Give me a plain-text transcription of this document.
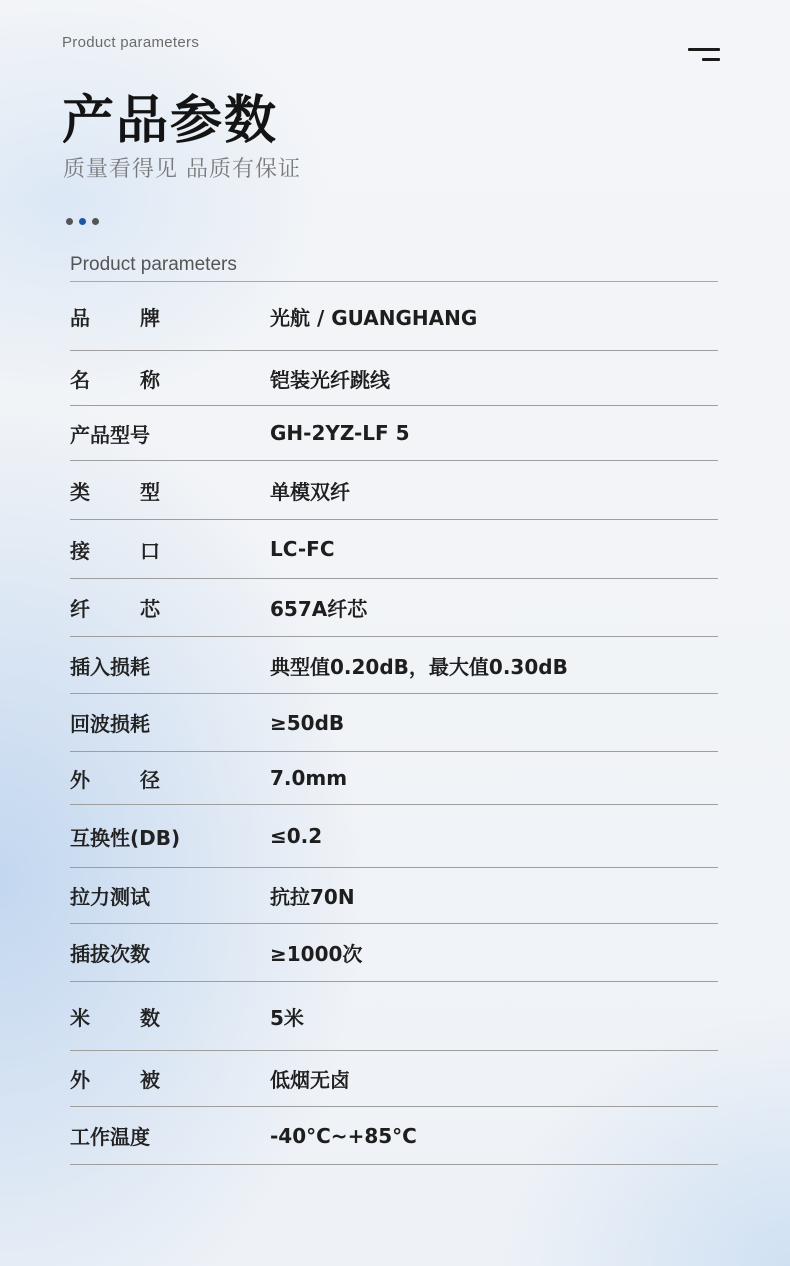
Product parameters
产品参数
质量看得见 品质有保证
Product parameters
品牌	光航 / GUANGHANG
名称	铠装光纤跳线
产品型号	GH-2YZ-LF 5
类型	单模双纤
接口	LC-FC
纤芯	657A纤芯
插入损耗	典型值0.20dB，最大值0.30dB
回波损耗	≥50dB
外径	7.0mm
互换性(DB)	≤0.2
拉力测试	抗拉70N
插拔次数	≥1000次
米数	5米
外被	低烟无卤
工作温度	-40°C~+85°C
